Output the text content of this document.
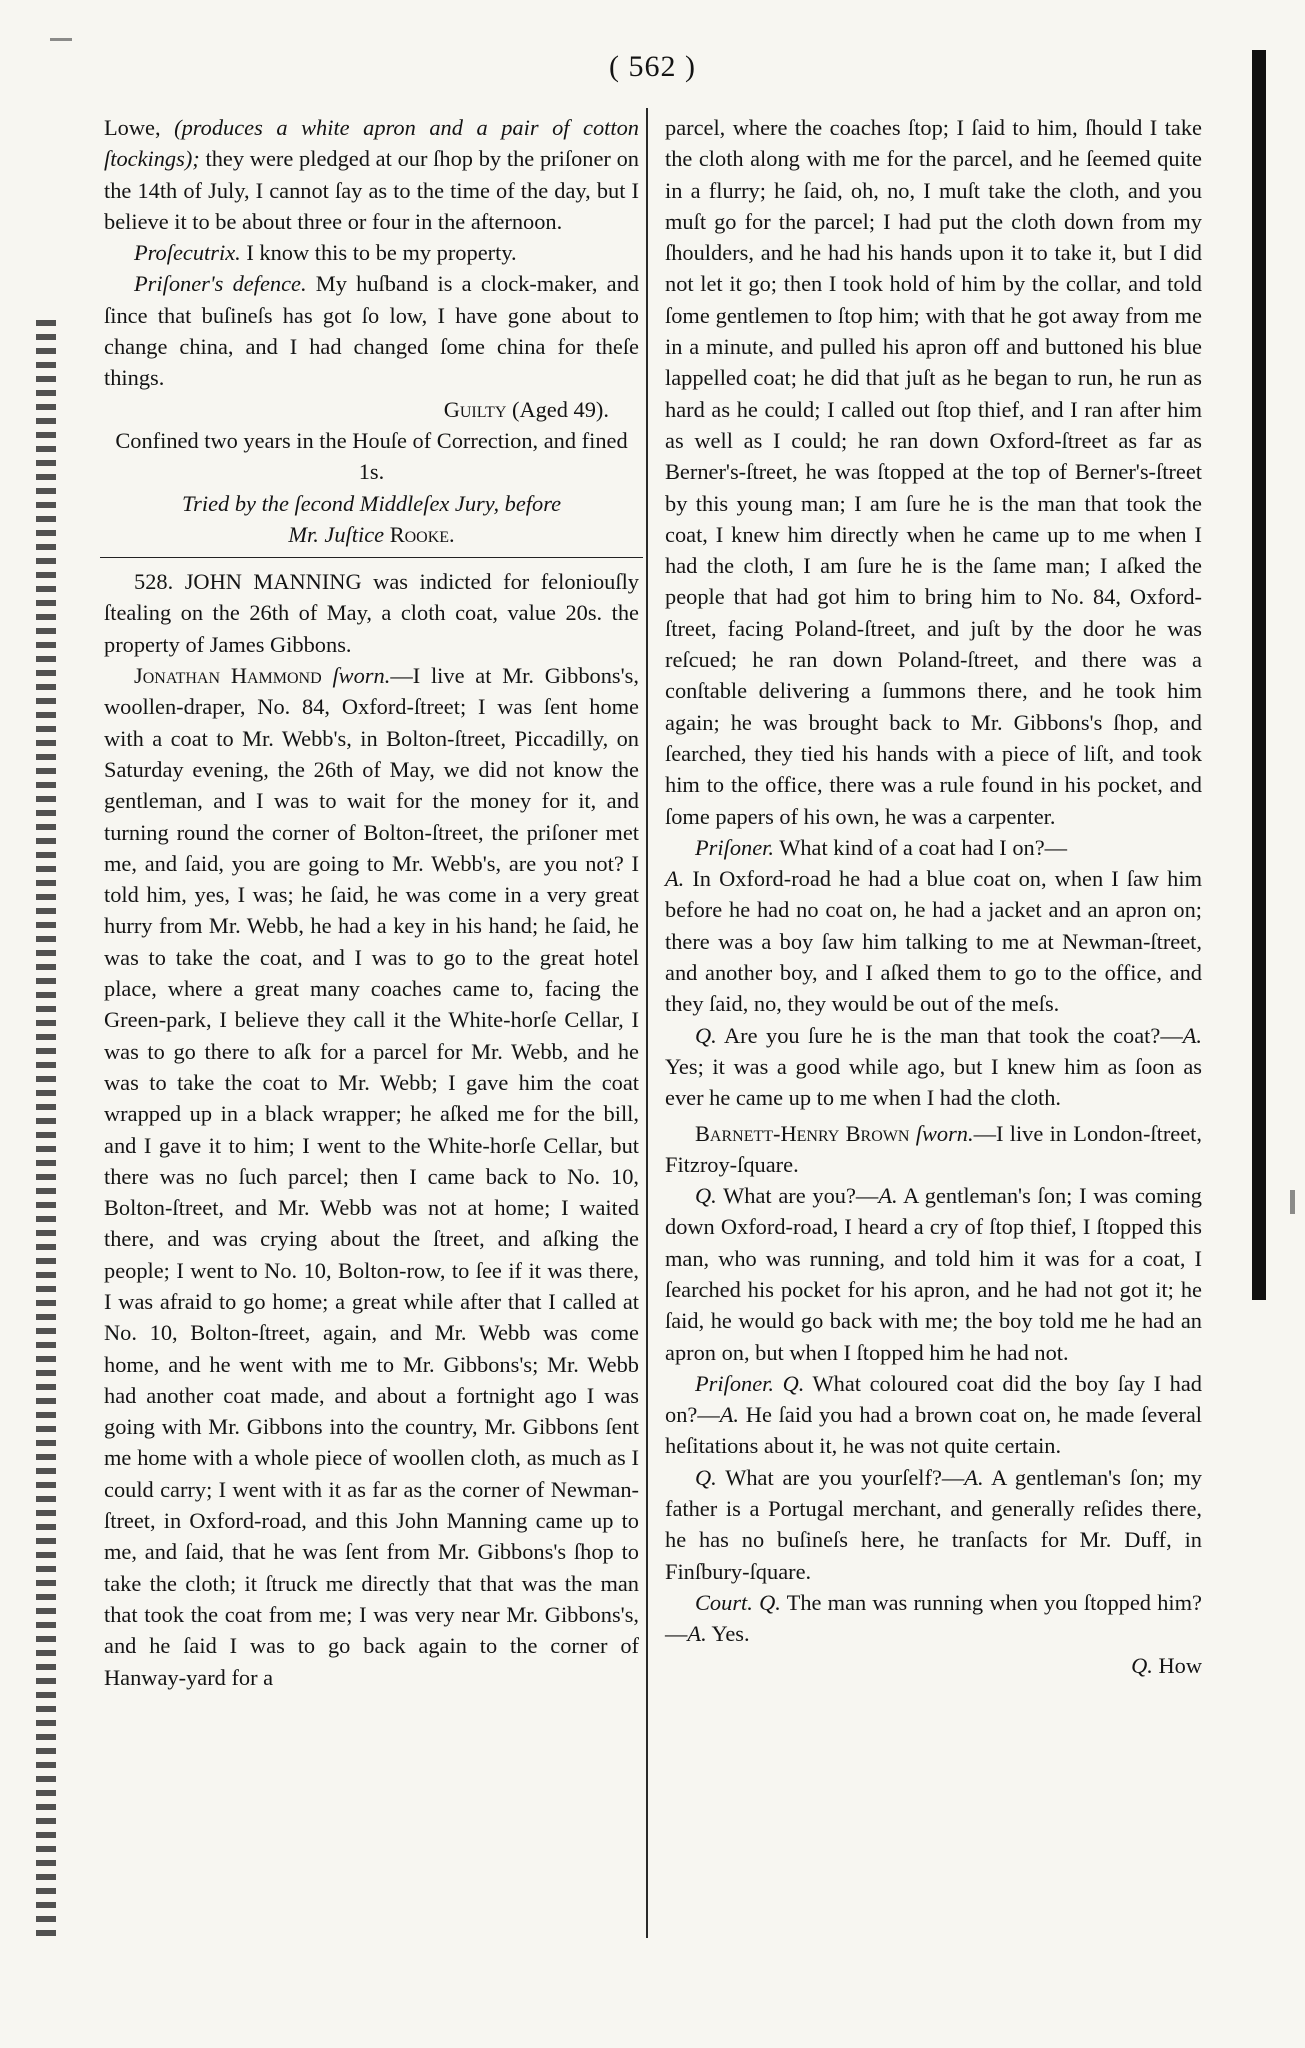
( 562 )

Lowe, (produces a white apron and a pair of cotton ſtockings); they were pledged at our ſhop by the priſoner on the 14th of July, I cannot ſay as to the time of the day, but I believe it to be about three or four in the afternoon.

Proſecutrix. I know this to be my property.

Priſoner's defence. My huſband is a clock-maker, and ſince that buſineſs has got ſo low, I have gone about to change china, and I had changed ſome china for theſe things.

Guilty (Aged 49).

Confined two years in the Houſe of Correction, and fined 1s.

Tried by the ſecond Middleſex Jury, before
Mr. Juſtice Rooke.

528. JOHN MANNING was indicted for feloniouſly ſtealing on the 26th of May, a cloth coat, value 20s. the property of James Gibbons.

Jonathan Hammond ſworn.—I live at Mr. Gibbons's, woollen-draper, No. 84, Oxford-ſtreet; I was ſent home with a coat to Mr. Webb's, in Bolton-ſtreet, Piccadilly, on Saturday evening, the 26th of May, we did not know the gentleman, and I was to wait for the money for it, and turning round the corner of Bolton-ſtreet, the priſoner met me, and ſaid, you are going to Mr. Webb's, are you not? I told him, yes, I was; he ſaid, he was come in a very great hurry from Mr. Webb, he had a key in his hand; he ſaid, he was to take the coat, and I was to go to the great hotel place, where a great many coaches came to, facing the Green-park, I believe they call it the White-horſe Cellar, I was to go there to aſk for a parcel for Mr. Webb, and he was to take the coat to Mr. Webb; I gave him the coat wrapped up in a black wrapper; he aſked me for the bill, and I gave it to him; I went to the White-horſe Cellar, but there was no ſuch parcel; then I came back to No. 10, Bolton-ſtreet, and Mr. Webb was not at home; I waited there, and was crying about the ſtreet, and aſking the people; I went to No. 10, Bolton-row, to ſee if it was there, I was afraid to go home; a great while after that I called at No. 10, Bolton-ſtreet, again, and Mr. Webb was come home, and he went with me to Mr. Gibbons's; Mr. Webb had another coat made, and about a fortnight ago I was going with Mr. Gibbons into the country, Mr. Gibbons ſent me home with a whole piece of woollen cloth, as much as I could carry; I went with it as far as the corner of Newman-ſtreet, in Oxford-road, and this John Manning came up to me, and ſaid, that he was ſent from Mr. Gibbons's ſhop to take the cloth; it ſtruck me directly that that was the man that took the coat from me; I was very near Mr. Gibbons's, and he ſaid I was to go back again to the corner of Hanway-yard for a

parcel, where the coaches ſtop; I ſaid to him, ſhould I take the cloth along with me for the parcel, and he ſeemed quite in a flurry; he ſaid, oh, no, I muſt take the cloth, and you muſt go for the parcel; I had put the cloth down from my ſhoulders, and he had his hands upon it to take it, but I did not let it go; then I took hold of him by the collar, and told ſome gentlemen to ſtop him; with that he got away from me in a minute, and pulled his apron off and buttoned his blue lappelled coat; he did that juſt as he began to run, he run as hard as he could; I called out ſtop thief, and I ran after him as well as I could; he ran down Oxford-ſtreet as far as Berner's-ſtreet, he was ſtopped at the top of Berner's-ſtreet by this young man; I am ſure he is the man that took the coat, I knew him directly when he came up to me when I had the cloth, I am ſure he is the ſame man; I aſked the people that had got him to bring him to No. 84, Oxford-ſtreet, facing Poland-ſtreet, and juſt by the door he was reſcued; he ran down Poland-ſtreet, and there was a conſtable delivering a ſummons there, and he took him again; he was brought back to Mr. Gibbons's ſhop, and ſearched, they tied his hands with a piece of liſt, and took him to the office, there was a rule found in his pocket, and ſome papers of his own, he was a carpenter.

Priſoner. What kind of a coat had I on?—
A. In Oxford-road he had a blue coat on, when I ſaw him before he had no coat on, he had a jacket and an apron on; there was a boy ſaw him talking to me at Newman-ſtreet, and another boy, and I aſked them to go to the office, and they ſaid, no, they would be out of the meſs.

Q. Are you ſure he is the man that took the coat?—A. Yes; it was a good while ago, but I knew him as ſoon as ever he came up to me when I had the cloth.

Barnett-Henry Brown ſworn.—I live in London-ſtreet, Fitzroy-ſquare.

Q. What are you?—A. A gentleman's ſon; I was coming down Oxford-road, I heard a cry of ſtop thief, I ſtopped this man, who was running, and told him it was for a coat, I ſearched his pocket for his apron, and he had not got it; he ſaid, he would go back with me; the boy told me he had an apron on, but when I ſtopped him he had not.

Priſoner. Q. What coloured coat did the boy ſay I had on?—A. He ſaid you had a brown coat on, he made ſeveral heſitations about it, he was not quite certain.

Q. What are you yourſelf?—A. A gentleman's ſon; my father is a Portugal merchant, and generally reſides there, he has no buſineſs here, he tranſacts for Mr. Duff, in Finſbury-ſquare.

Court. Q. The man was running when you ſtopped him?—A. Yes.

Q. How
